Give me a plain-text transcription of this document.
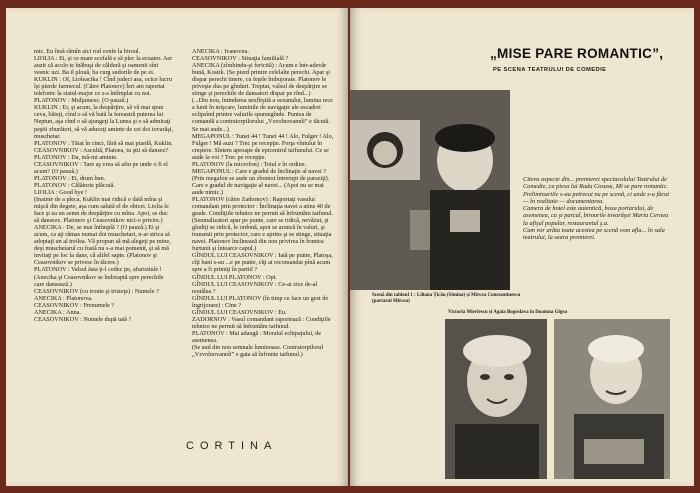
mic. Eu însă rămîn aici rod confe la biroul.
LIOLIA : Ei, şi ce mare scofală e să plec la ecuator. Aer auzit că acolo te înăbuşi de căldură şi oamenii sînt vesnic uzi. Ba il plouă, ba curg sudorile de pe ei.
KUKLIN : Of, Lioleacika ! Cînd judeci asa, ocice lucru îşi pierde farmecul. (Către Platonov) Îeri am raportat telefonic la statul-major ce s-a întîmplat cu noi.
PLATONOV : Mulţumesc. (O pauză.)
KUKLIN : Ei, şi acum, la despărţire, să vă mai spun ceva, băieţi, cînd o să vă bată la fereastră puterea lui Neptun, aşa cînd o să ajungeţi la Lunea şi o să admiraţi peştii zburători, să vă aduceţi aminte de cei doi tovarăşi, muschetar.
PLATONOV : Tăiat în cinci, fără să mai piardă, Kuklin.
CEASOVNIKOV : Ascultă, Platoea, tu ştii să dansez?
PLATONOV : Da, mă-mi aminte.
CEASOVNIKOV : Tare aş vrea să afiu pe unde o fi el acum? (O pauză.)
PLATONOV : Ei, drum bun.
PLATONOV : Călătorie plăcută.
LIOLIA : Good bye !
(Inainte de a pleca, Kuklin mai ridică o dată mîna şi mişcă din degete, aşa cum salută el de obicei. Liolia le face şi ea un semn de despărţire cu mîna. Apoi, se duc să danseze. Platonov şi Ceasovnikov nici-o privire.)
ANECIKA : De, se mai întîmplă ? (O pauză.) Ei şi acum, ca aţi rămas numai doi muschetari, n-ar strica să adoptaţi un al treilea. Vă propun să mă alegeţi pe mine, deşi muschetarul cu fustă nu s-a mai pomenit, şi să mă invitaţi pe loc la dans, că altfel sapte. (Platonov şi Ceasovnikov se privesc în tăcere.)
PLATONOV : Valsul ăsta ţi-l cedez ţie, afurisitule !
(Anecika şi Ceasovnikov se îndreaptă spre perechile care dansează.)
CEASOVNIKOV (cu ironie şi tristeţe) : Numele ?
ANECIKA : Platonova.
CEASOVNIKOV : Prenumele ?
ANECIKA : Anna.
CEASOVNIKOV : Numele după tată ?
ANECIKA : Ivanovna.
CEASOVNIKOV : Situaţia familială ?
ANECIKA (zîmbindu-şi fericită) : Acum e într-adevăr bună, Kostik. (Se pierd printre celelalte perechi. Apar şi dispar perechi tinere, cu feţele îmbujorate. Platonov le priveşte dus pe gînduri. Treptat, valsul de despărţire se stinge şi perechile de dansatori dispar pe rînd...)
(...Din nou, întinderea nesfîrşită a oceanului, lumina rece a lunii în mişcare, luminile de navigaţie ale escadrei eclipsînd printre valurile spumegînde. Puntea de comandă a contratorpilorului „Vzvolnovannîi” e tăcută. Se mai aude...)
MEGAPONUL : Tunet 44 ! Tunet 44 ! Alo, Fulger ! Alo, Fulger ! Mă auzi ? Trec pe recepţie. Forţa vîntului în creştere. Sîntem aproape de epicentrul taifunului. Ce se aude la voi ? Trec pe recepţie.
PLATONOV (la microfon) : Totul e în ordine.
MEGAPONUL : Care e gradul de înclinaţie al navei ? (Prin megafon se aude un zbomot întrerupt de paraziţi). Care e gradul de navigaţie al navei... (Apoi nu se mai aude nimic.)
PLATONOV (către Zadornov) : Raportaţi vasului comandant prin protector : Înclinaţia navei a atins 40 de grade. Condiţiile tehnice ne permit să înfruntăm taifunul. (Semnalizatori apar pe punte, care se ridică, nevăzut, şi gîndiţi se ridică, le ordonă, apoi se aruncă în valuri, şi transmit prin protector, care e aprins şi se stinge, situaţia navei. Platonov înclinează din nou privirea în fruntea furtunii şi întoarce capul.)
GÎNDUL LUI CEASOVNIKOV : Iată pe punte, Platoşa, cîţi bani s-au ...e pe punte, cîţi ai recomandat pînă acum spre a fi primiţi în partid ?
GÎNDUL LUI PLATONOV : Opt.
GÎNDUL LUI CEASOVNIKOV : Ce-ai zice de-al nouălea ?
GÎNDUL LUI PLATONOV (în timp ce face un gest de îngrijorare) : Cine ?
GÎNDUL LUI CEASOVNIKOV : Eu.
ZADORNOV : Vasul comandant raportează : Condiţiile tehnice ne permit să înfruntăm taifunul.
PLATONOV : Mai adaugă : Moralul echipajului, de asemenea.
(Se aud din nou semnale luminoase. Contratorpilorul „Vzvolnovannîi” e gata să înfrunte taifunul.)
CORTINA
„MISE PARE ROMANTIC”,
PE SCENA TEATRULUI DE COMEDIE
Scenă din tabloul 1 : Liliana Țicău (Simina) și Mircea Constantinescu (portarul Mircea)
Citeva aspecte din... premierei spectacolului Teatrului de Comedie, cu piesa lui Radu Cosasu, Mi se pare romantic. Preliminariile s-au petrecut nu pe scenă, ci unde s-a făcut — în realitate — documentarea.
Camera de hotel este autentică, boxa portarului, de asemenea, ca şi parcul, birourile tovarăşei Maria Cernea la afişul popular, restaurantul ş.a.
Cum vor arăta toate acestea pe scenă vom afla... în sala teatrului, la seara premierei.
Victoria Mierlescu și Agaia Bogoslava în Doamna Gigea
